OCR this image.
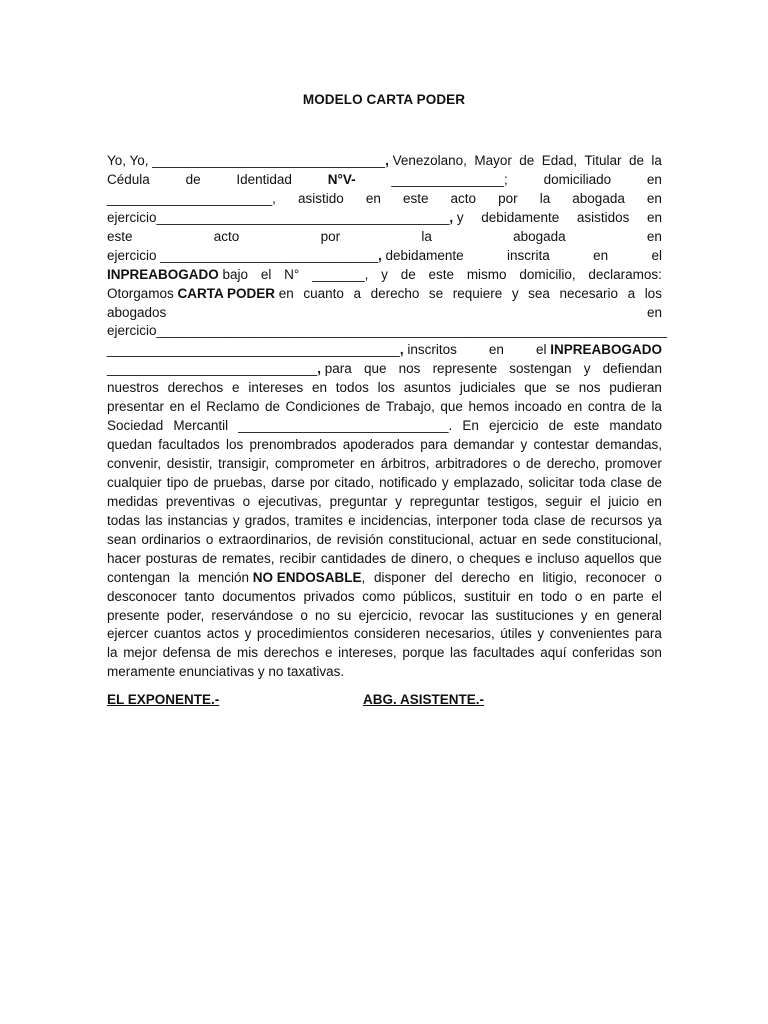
MODELO CARTA PODER
Yo, Yo, _______________________________, Venezolano, Mayor de Edad, Titular de la
Cédula	de	Identidad	N°V-	_______________;	domiciliado	en
______________________, asistido en este acto por la abogada en
ejercicio_______________________________________, y debidamente asistidos en
este	acto	por	la	abogada	en
ejercicio _____________________________, debidamente	inscrita	en	el
INPREABOGADO bajo el N° _______, y de este mismo domicilio, declaramos:
Otorgamos CARTA PODER en cuanto a derecho se requiere y sea necesario a los
abogados	en
ejercicio____________________________________________________________________
_______________________________________, inscritos en el INPREABOGADO
____________________________, para que nos represente sostengan y defiendan
nuestros derechos e intereses en todos los asuntos judiciales que se nos pudieran
presentar en el Reclamo de Condiciones de Trabajo, que hemos incoado en contra de la
Sociedad Mercantil ____________________________. En ejercicio de este mandato
quedan facultados los prenombrados apoderados para demandar y contestar demandas,
convenir, desistir, transigir, comprometer en árbitros, arbitradores o de derecho, promover
cualquier tipo de pruebas, darse por citado, notificado y emplazado, solicitar toda clase de
medidas preventivas o ejecutivas, preguntar y repreguntar testigos, seguir el juicio en
todas las instancias y grados, tramites e incidencias, interponer toda clase de recursos ya
sean ordinarios o extraordinarios, de revisión constitucional, actuar en sede constitucional,
hacer posturas de remates, recibir cantidades de dinero, o cheques e incluso aquellos que
contengan la mención NO ENDOSABLE, disponer del derecho en litigio, reconocer o
desconocer tanto documentos privados como públicos, sustituir en todo o en parte el
presente poder, reservándose o no su ejercicio, revocar las sustituciones y en general
ejercer cuantos actos y procedimientos consideren necesarios, útiles y convenientes para
la mejor defensa de mis derechos e intereses, porque las facultades aquí conferidas son
meramente enunciativas y no taxativas.
EL EXPONENTE.-	ABG. ASISTENTE.-
